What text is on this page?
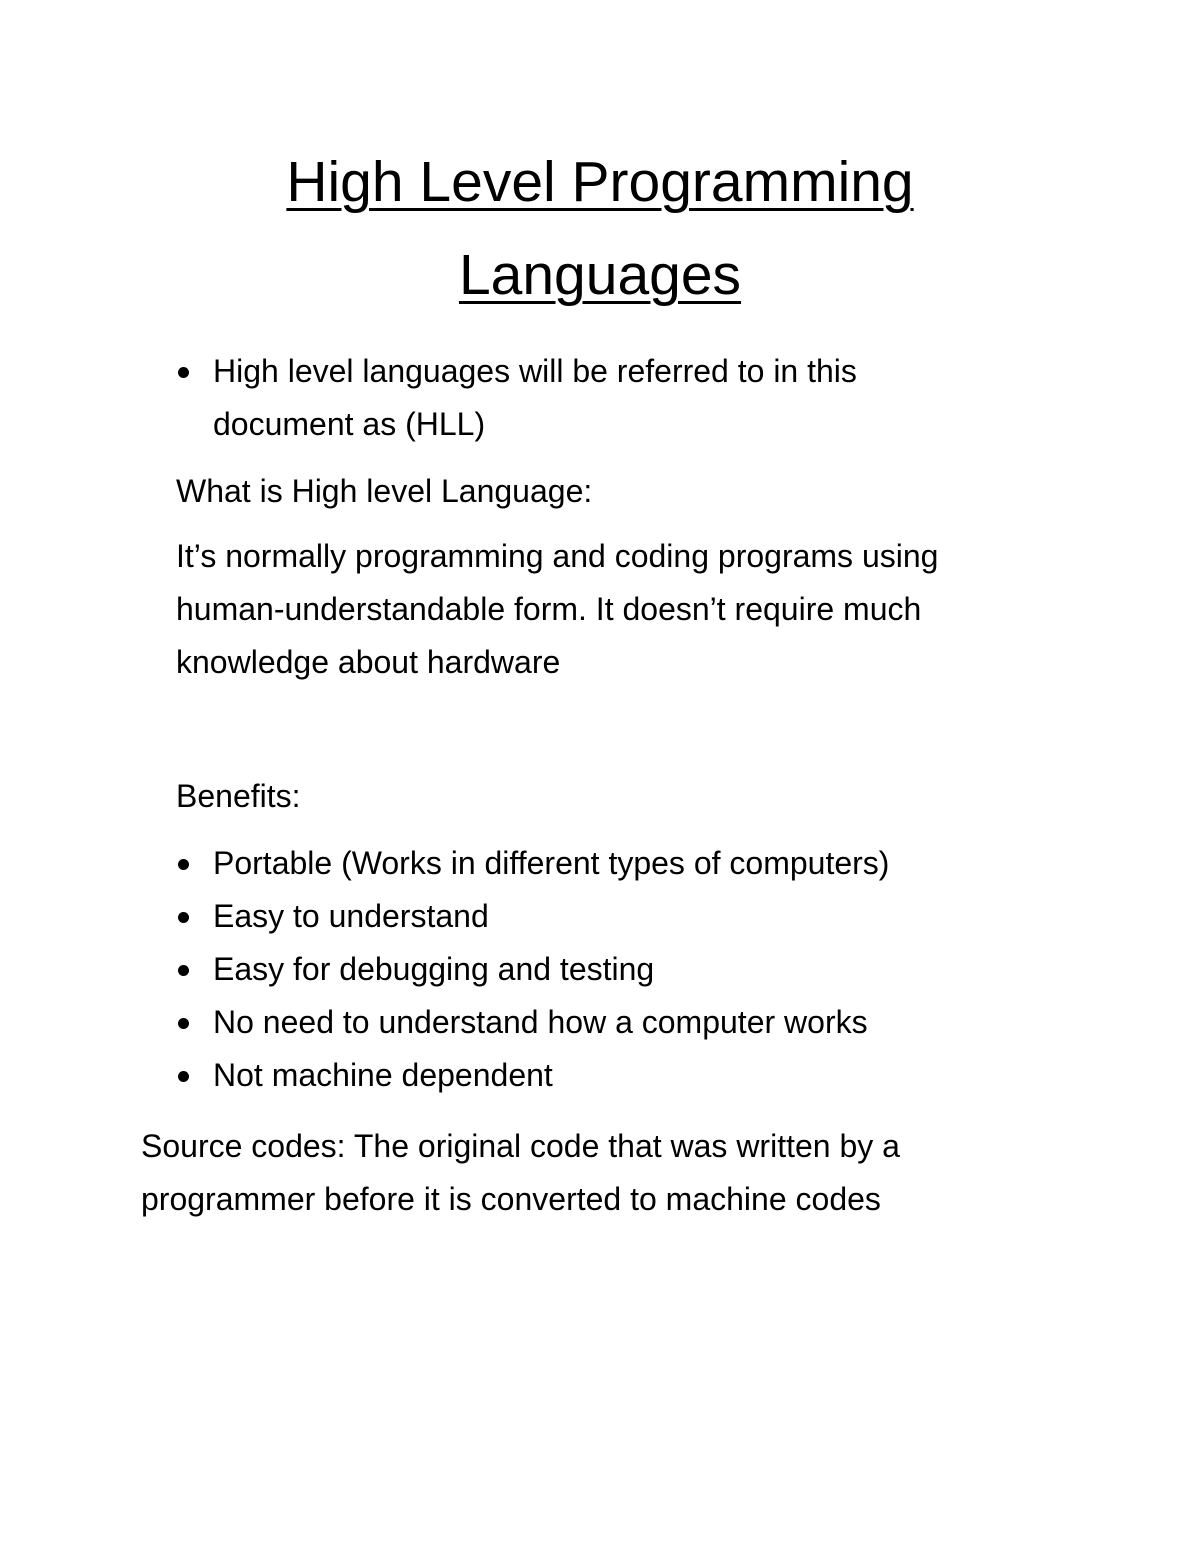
High Level Programming
Languages
High level languages will be referred to in this
document as (HLL)

What is High level Language:

It’s normally programming and coding programs using

human-understandable form. It doesn’t require much

knowledge about hardware

Benefits:

Portable (Works in different types of computers)
Easy to understand
Easy for debugging and testing
No need to understand how a computer works
Not machine dependent

Source codes: The original code that was written by a

programmer before it is converted to machine codes
